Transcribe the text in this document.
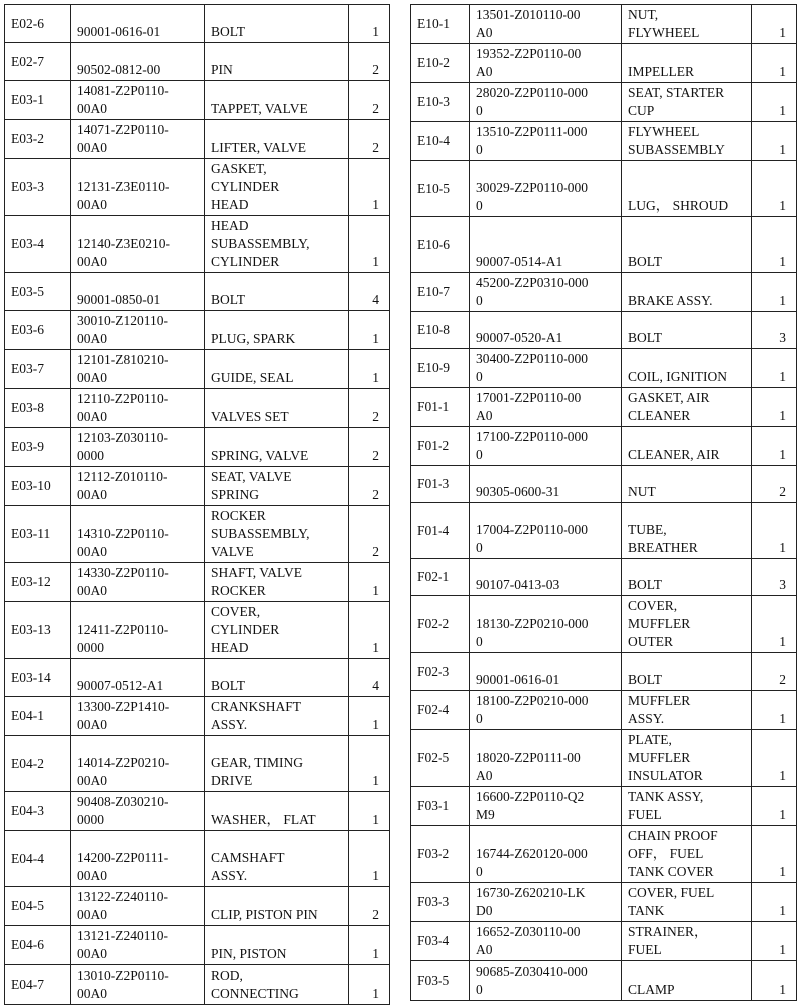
E02-6	90001-0616-01	BOLT	1
E02-7	90502-0812-00	PIN	2
E03-1	14081-Z2P0110-
00A0	TAPPET, VALVE	2
E03-2	14071-Z2P0110-
00A0	LIFTER, VALVE	2
E03-3	12131-Z3E0110-
00A0	GASKET,
CYLINDER
HEAD	1
E03-4	12140-Z3E0210-
00A0	HEAD
SUBASSEMBLY,
CYLINDER	1
E03-5	90001-0850-01	BOLT	4
E03-6	30010-Z120110-
00A0	PLUG, SPARK	1
E03-7	12101-Z810210-
00A0	GUIDE, SEAL	1
E03-8	12110-Z2P0110-
00A0	VALVES SET	2
E03-9	12103-Z030110-
0000	SPRING, VALVE	2
E03-10	12112-Z010110-
00A0	SEAT, VALVE
SPRING	2
E03-11	14310-Z2P0110-
00A0	ROCKER
SUBASSEMBLY,
VALVE	2
E03-12	14330-Z2P0110-
00A0	SHAFT, VALVE
ROCKER	1
E03-13	12411-Z2P0110-
0000	COVER,
CYLINDER
HEAD	1
E03-14	90007-0512-A1	BOLT	4
E04-1	13300-Z2P1410-
00A0	CRANKSHAFT
ASSY.	1
E04-2	14014-Z2P0210-
00A0	GEAR, TIMING
DRIVE	1
E04-3	90408-Z030210-
0000	WASHER， FLAT	1
E04-4	14200-Z2P0111-
00A0	CAMSHAFT
ASSY.	1
E04-5	13122-Z240110-
00A0	CLIP, PISTON PIN	2
E04-6	13121-Z240110-
00A0	PIN, PISTON	1
E04-7	13010-Z2P0110-
00A0	ROD,
CONNECTING	1
E10-1	13501-Z010110-00
A0	NUT,
FLYWHEEL	1
E10-2	19352-Z2P0110-00
A0	IMPELLER	1
E10-3	28020-Z2P0110-000
0	SEAT, STARTER
CUP	1
E10-4	13510-Z2P0111-000
0	FLYWHEEL
SUBASSEMBLY	1
E10-5	30029-Z2P0110-000
0	LUG， SHROUD	1
E10-6	90007-0514-A1	BOLT	1
E10-7	45200-Z2P0310-000
0	BRAKE ASSY.	1
E10-8	90007-0520-A1	BOLT	3
E10-9	30400-Z2P0110-000
0	COIL, IGNITION	1
F01-1	17001-Z2P0110-00
A0	GASKET, AIR
CLEANER	1
F01-2	17100-Z2P0110-000
0	CLEANER, AIR	1
F01-3	90305-0600-31	NUT	2
F01-4	17004-Z2P0110-000
0	TUBE,
BREATHER	1
F02-1	90107-0413-03	BOLT	3
F02-2	18130-Z2P0210-000
0	COVER,
MUFFLER
OUTER	1
F02-3	90001-0616-01	BOLT	2
F02-4	18100-Z2P0210-000
0	MUFFLER
ASSY.	1
F02-5	18020-Z2P0111-00
A0	PLATE,
MUFFLER
INSULATOR	1
F03-1	16600-Z2P0110-Q2
M9	TANK ASSY,
FUEL	1
F03-2	16744-Z620120-000
0	CHAIN PROOF
OFF， FUEL
TANK COVER	1
F03-3	16730-Z620210-LK
D0	COVER, FUEL
TANK	1
F03-4	16652-Z030110-00
A0	STRAINER，
FUEL	1
F03-5	90685-Z030410-000
0	CLAMP	1
